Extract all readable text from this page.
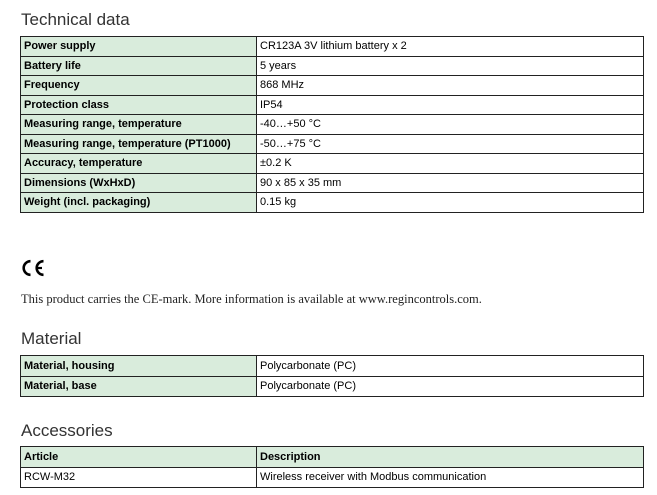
Technical data
Power supply	CR123A 3V lithium battery x 2
Battery life	5 years
Frequency	868 MHz
Protection class	IP54
Measuring range, temperature	-40…+50 °C
Measuring range, temperature (PT1000)	-50…+75 °C
Accuracy, temperature	±0.2 K
Dimensions (WxHxD)	90 x 85 x 35 mm
Weight (incl. packaging)	0.15 kg

This product carries the CE-mark. More information is available at www.regincontrols.com.

Material
Material, housing	Polycarbonate (PC)
Material, base	Polycarbonate (PC)
Accessories
Article	Description
RCW-M32	Wireless receiver with Modbus communication
